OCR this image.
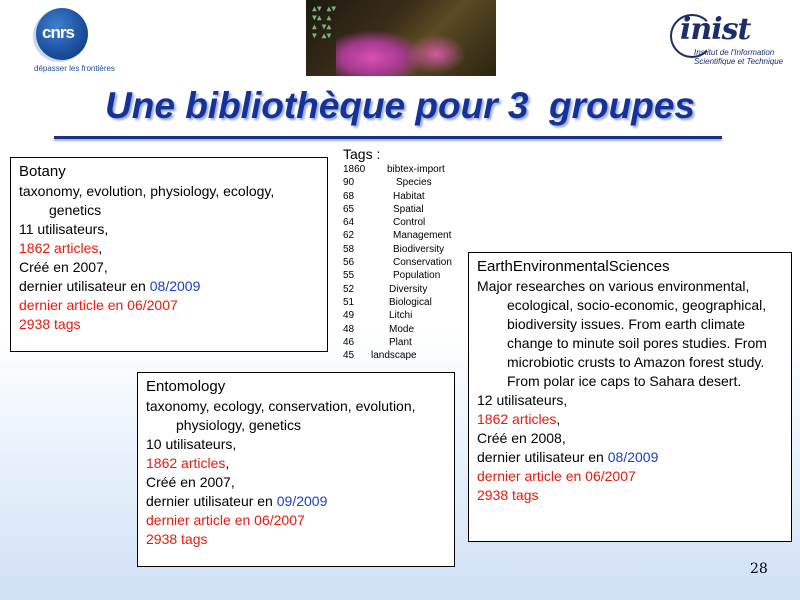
cnrs
dépasser les frontières
▲▼ ▲▼
▼▲ ▲
▲ ▼▲
▼ ▲▼	inist
Institut de l'Information
Scientifique et Technique
Une bibliothèque pour 3  groupes
Botany
taxonomy, evolution, physiology, ecology, genetics
11 utilisateurs,
1862 articles,
Créé en 2007,
dernier utilisateur en 08/2009
dernier article en 06/2007
2938 tags
Tags :
1860 bibtex-import
90	Species
68	Habitat
65	Spatial
64	Control
62	Management
58	Biodiversity
56	Conservation
55	Population
52	Diversity
51	Biological
49	Litchi
48	Mode
46	Plant
45 landscape
EarthEnvironmentalSciences
Major researches on various environmental, ecological, socio-economic, geographical, biodiversity issues. From earth climate change to minute soil pores studies. From microbiotic crusts to Amazon forest study. From polar ice caps to Sahara desert.
12 utilisateurs,
1862 articles,
Créé en 2008,
dernier utilisateur en 08/2009
dernier article en 06/2007
2938 tags
Entomology
taxonomy, ecology, conservation, evolution, physiology, genetics
10 utilisateurs,
1862 articles,
Créé en 2007,
dernier utilisateur en 09/2009
dernier article en 06/2007
2938 tags
28
